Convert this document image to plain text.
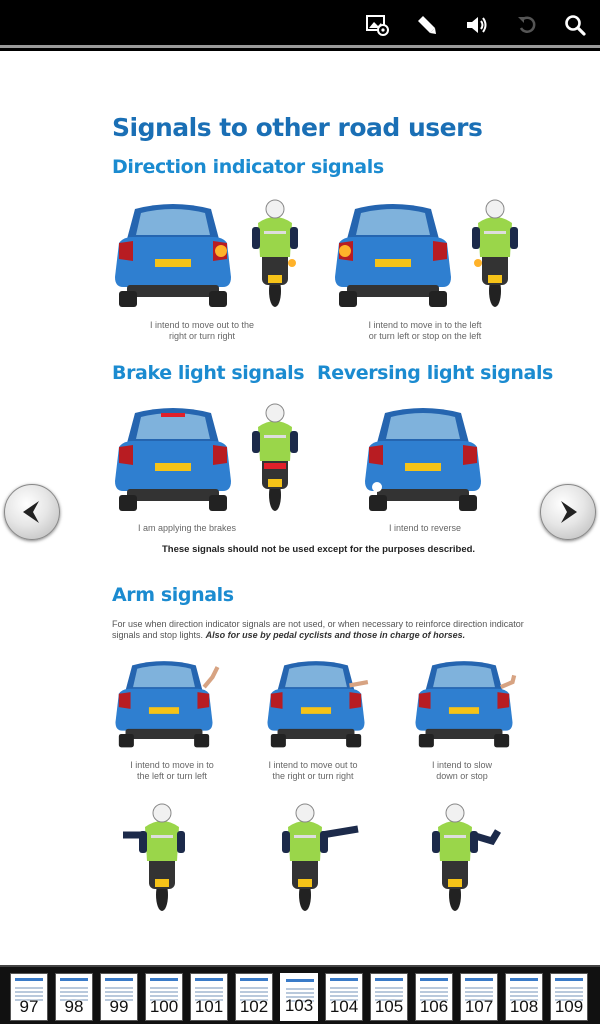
Signals to other road users
Direction indicator signals
I intend to move out to the
right or turn right
I intend to move in to the left
or turn left or stop on the left
Brake light signals Reversing light signals
I am applying the brakes	I intend to reverse
These signals should not be used except for the purposes described.
Arm signals
For use when direction indicator signals are not used, or when necessary to reinforce direction indicator signals and stop lights. Also for use by pedal cyclists and those in charge of horses.
I intend to move in to
the left or turn left
I intend to move out to
the right or turn right
I intend to slow
down or stop
97	98	99	100 101 102 103 104 105 106 107 108 109
